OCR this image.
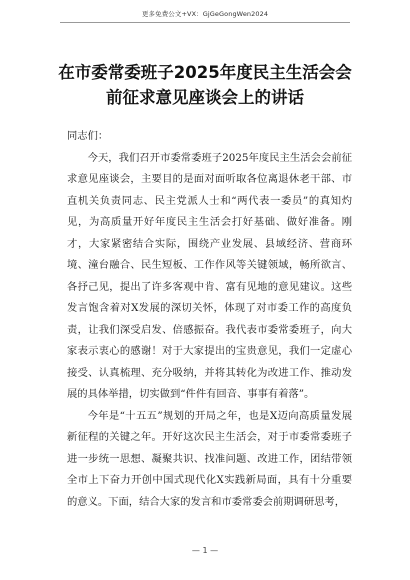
更多免费公文+VX：GjGeGongWen2024
在市委常委班子2025年度民主生活会会
前征求意见座谈会上的讲话

同志们：

今天，我们召开市委常委班子2025年度民主生活会会前征求意见座谈会，主要目的是面对面听取各位离退休老干部、市直机关负责同志、民主党派人士和“两代表一委员”的真知灼见，为高质量开好年度民主生活会打好基础、做好准备。刚才，大家紧密结合实际，围绕产业发展、县域经济、营商环境、潼台融合、民生短板、工作作风等关键领域，畅所欲言、各抒己见，提出了许多客观中肯、富有见地的意见建议。这些发言饱含着对X发展的深切关怀，体现了对市委工作的高度负责，让我们深受启发、倍感振奋。我代表市委常委班子，向大家表示衷心的感谢！对于大家提出的宝贵意见，我们一定虚心接受、认真梳理、充分吸纳，并将其转化为改进工作、推动发展的具体举措，切实做到“件件有回音、事事有着落”。

今年是“十五五”规划的开局之年，也是X迈向高质量发展新征程的关键之年。开好这次民主生活会，对于市委常委班子进一步统一思想、凝聚共识、找准问题、改进工作，团结带领全市上下奋力开创中国式现代化X实践新局面，具有十分重要的意义。下面，结合大家的发言和市委常委会前期调研思考，

— 1 —
